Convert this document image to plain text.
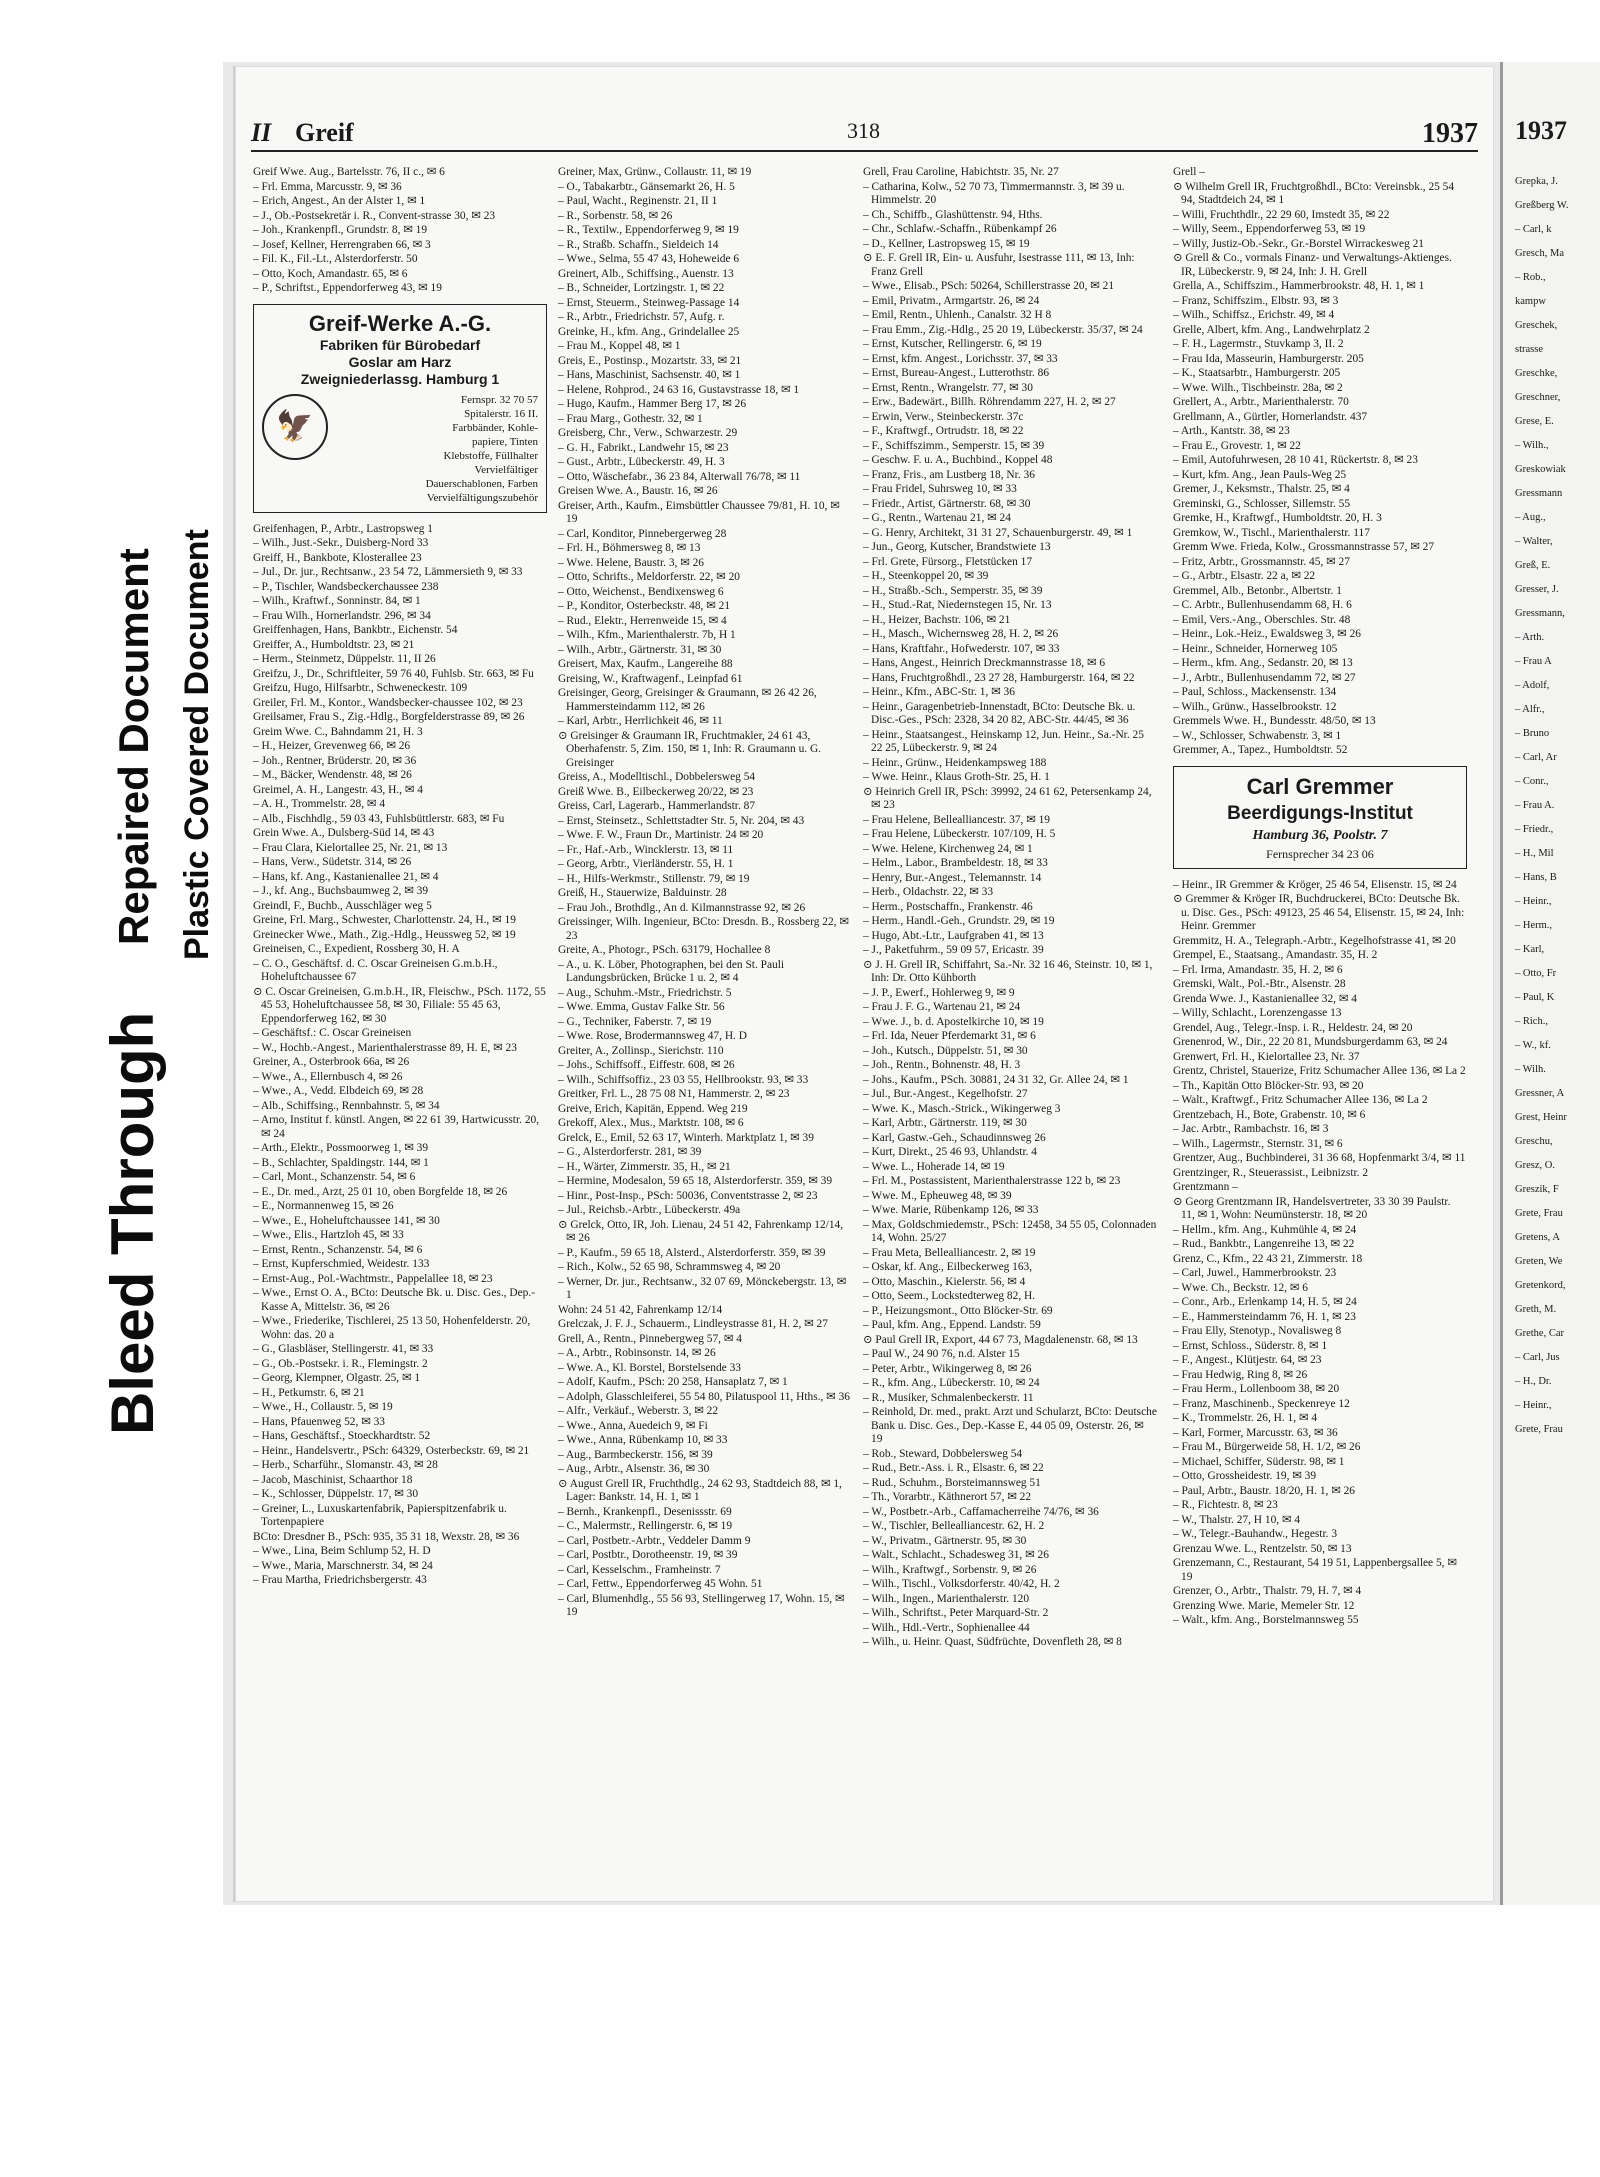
Bleed Through
Repaired Document Plastic Covered Document
II Greif	318	1937

Greif Wwe. Aug., Bartelsstr. 76, II c., ✉ 6

– Frl. Emma, Marcusstr. 9, ✉ 36

– Erich, Angest., An der Alster 1, ✉ 1

– J., Ob.-Postsekretär i. R., Convent-strasse 30, ✉ 23

– Joh., Krankenpfl., Grundstr. 8, ✉ 19

– Josef, Kellner, Herrengraben 66, ✉ 3

– Fil. K., Fil.-Lt., Alsterdorferstr. 50

– Otto, Koch, Amandastr. 65, ✉ 6

– P., Schriftst., Eppendorferweg 43, ✉ 19

Greif-Werke A.-G.
Fabriken für Bürobedarf
Goslar am Harz
Zweigniederlassg. Hamburg 1
🦅

Fernspr. 32 70 57

Spitalerstr. 16 II.

Farbbänder, Kohle-

papiere, Tinten

Klebstoffe, Füllhalter

Vervielfältiger

Dauerschablonen, Farben

Vervielfältigungszubehör

Greifenhagen, P., Arbtr., Lastropsweg 1

– Wilh., Just.-Sekr., Duisberg-Nord 33

Greiff, H., Bankbote, Klosterallee 23

– Jul., Dr. jur., Rechtsanw., 23 54 72, Lämmersieth 9, ✉ 33

– P., Tischler, Wandsbeckerchaussee 238

– Wilh., Kraftwf., Sonninstr. 84, ✉ 1

– Frau Wilh., Hornerlandstr. 296, ✉ 34

Greiffenhagen, Hans, Bankbtr., Eichenstr. 54

Greiffer, A., Humboldtstr. 23, ✉ 21

– Herm., Steinmetz, Düppelstr. 11, II 26

Greifzu, J., Dr., Schriftleiter, 59 76 40, Fuhlsb. Str. 663, ✉ Fu

Greifzu, Hugo, Hilfsarbtr., Schweneckestr. 109

Greiler, Frl. M., Kontor., Wandsbecker-chaussee 102, ✉ 23

Greilsamer, Frau S., Zig.-Hdlg., Borgfelderstrasse 89, ✉ 26

Greim Wwe. C., Bahndamm 21, H. 3

– H., Heizer, Grevenweg 66, ✉ 26

– Joh., Rentner, Brüderstr. 20, ✉ 36

– M., Bäcker, Wendenstr. 48, ✉ 26

Greimel, A. H., Langestr. 43, H., ✉ 4

– A. H., Trommelstr. 28, ✉ 4

– Alb., Fischhdlg., 59 03 43, Fuhlsbüttlerstr. 683, ✉ Fu

Grein Wwe. A., Dulsberg-Süd 14, ✉ 43

– Frau Clara, Kielortallee 25, Nr. 21, ✉ 13

– Hans, Verw., Südetstr. 314, ✉ 26

– Hans, kf. Ang., Kastanienallee 21, ✉ 4

– J., kf. Ang., Buchsbaumweg 2, ✉ 39

Greindl, F., Buchb., Ausschläger weg 5

Greine, Frl. Marg., Schwester, Charlottenstr. 24, H., ✉ 19

Greinecker Wwe., Math., Zig.-Hdlg., Heussweg 52, ✉ 19

Greineisen, C., Expedient, Rossberg 30, H. A

– C. O., Geschäftsf. d. C. Oscar Greineisen G.m.b.H., Hoheluftchaussee 67

⊙ C. Oscar Greineisen, G.m.b.H., IR, Fleischw., PSch. 1172, 55 45 53, Hoheluftchaussee 58, ✉ 30, Filiale: 55 45 63, Eppendorferweg 162, ✉ 30

– Geschäftsf.: C. Oscar Greineisen

– W., Hochb.-Angest., Marienthalerstrasse 89, H. E, ✉ 23

Greiner, A., Osterbrook 66a, ✉ 26

– Wwe., A., Ellernbusch 4, ✉ 26

– Wwe., A., Vedd. Elbdeich 69, ✉ 28

– Alb., Schiffsing., Rennbahnstr. 5, ✉ 34

– Arno, Institut f. künstl. Angen, ✉ 22 61 39, Hartwicusstr. 20, ✉ 24

– Arth., Elektr., Possmoorweg 1, ✉ 39

– B., Schlachter, Spaldingstr. 144, ✉ 1

– Carl, Mont., Schanzenstr. 54, ✉ 6

– E., Dr. med., Arzt, 25 01 10, oben Borgfelde 18, ✉ 26

– E., Normannenweg 15, ✉ 26

– Wwe., E., Hoheluftchaussee 141, ✉ 30

– Wwe., Elis., Hartzloh 45, ✉ 33

– Ernst, Rentn., Schanzenstr. 54, ✉ 6

– Ernst, Kupferschmied, Weidestr. 133

– Ernst-Aug., Pol.-Wachtmstr., Pappelallee 18, ✉ 23

– Wwe., Ernst O. A., BCto: Deutsche Bk. u. Disc. Ges., Dep.-Kasse A, Mittelstr. 36, ✉ 26

– Wwe., Friederike, Tischlerei, 25 13 50, Hohenfelderstr. 20, Wohn: das. 20 a

– G., Glasbläser, Stellingerstr. 41, ✉ 33

– G., Ob.-Postsekr. i. R., Flemingstr. 2

– Georg, Klempner, Olgastr. 25, ✉ 1

– H., Petkumstr. 6, ✉ 21

– Wwe., H., Collaustr. 5, ✉ 19

– Hans, Pfauenweg 52, ✉ 33

– Hans, Geschäftsf., Stoeckhardtstr. 52

– Heinr., Handelsvertr., PSch: 64329, Osterbeckstr. 69, ✉ 21

– Herb., Scharführ., Slomanstr. 43, ✉ 28

– Jacob, Maschinist, Schaarthor 18

– K., Schlosser, Düppelstr. 17, ✉ 30

– Greiner, L., Luxuskartenfabrik, Papierspitzenfabrik u. Tortenpapiere

BCto: Dresdner B., PSch: 935, 35 31 18, Wexstr. 28, ✉ 36

– Wwe., Lina, Beim Schlump 52, H. D

– Wwe., Maria, Marschnerstr. 34, ✉ 24

– Frau Martha, Friedrichsbergerstr. 43

Greiner, Max, Grünw., Collaustr. 11, ✉ 19

– O., Tabakarbtr., Gänsemarkt 26, H. 5

– Paul, Wacht., Reginenstr. 21, II 1

– R., Sorbenstr. 58, ✉ 26

– R., Textilw., Eppendorferweg 9, ✉ 19

– R., Straßb. Schaffn., Sieldeich 14

– Wwe., Selma, 55 47 43, Hoheweide 6

Greinert, Alb., Schiffsing., Auenstr. 13

– B., Schneider, Lortzingstr. 1, ✉ 22

– Ernst, Steuerm., Steinweg-Passage 14

– R., Arbtr., Friedrichstr. 57, Aufg. r.

Greinke, H., kfm. Ang., Grindelallee 25

– Frau M., Koppel 48, ✉ 1

Greis, E., Postinsp., Mozartstr. 33, ✉ 21

– Hans, Maschinist, Sachsenstr. 40, ✉ 1

– Helene, Rohprod., 24 63 16, Gustavstrasse 18, ✉ 1

– Hugo, Kaufm., Hammer Berg 17, ✉ 26

– Frau Marg., Gothestr. 32, ✉ 1

Greisberg, Chr., Verw., Schwarzestr. 29

– G. H., Fabrikt., Landwehr 15, ✉ 23

– Gust., Arbtr., Lübeckerstr. 49, H. 3

– Otto, Wäschefabr., 36 23 84, Alterwall 76/78, ✉ 11

Greisen Wwe. A., Baustr. 16, ✉ 26

Greiser, Arth., Kaufm., Eimsbüttler Chaussee 79/81, H. 10, ✉ 19

– Carl, Konditor, Pinnebergerweg 28

– Frl. H., Böhmersweg 8, ✉ 13

– Wwe. Helene, Baustr. 3, ✉ 26

– Otto, Schrifts., Meldorferstr. 22, ✉ 20

– Otto, Weichenst., Bendixensweg 6

– P., Konditor, Osterbeckstr. 48, ✉ 21

– Rud., Elektr., Herrenweide 15, ✉ 4

– Wilh., Kfm., Marienthalerstr. 7b, H 1

– Wilh., Arbtr., Gärtnerstr. 31, ✉ 30

Greisert, Max, Kaufm., Langereihe 88

Greising, W., Kraftwagenf., Leinpfad 61

Greisinger, Georg, Greisinger & Graumann, ✉ 26 42 26, Hammersteindamm 112, ✉ 26

– Karl, Arbtr., Herrlichkeit 46, ✉ 11

⊙ Greisinger & Graumann IR, Fruchtmakler, 24 61 43, Oberhafenstr. 5, Zim. 150, ✉ 1, Inh: R. Graumann u. G. Greisinger

Greiss, A., Modelltischl., Dobbelersweg 54

Greiß Wwe. B., Eilbeckerweg 20/22, ✉ 23

Greiss, Carl, Lagerarb., Hammerlandstr. 87

– Ernst, Steinsetz., Schlettstadter Str. 5, Nr. 204, ✉ 43

– Wwe. F. W., Fraun Dr., Martinistr. 24 ✉ 20

– Fr., Haf.-Arb., Wincklerstr. 13, ✉ 11

– Georg, Arbtr., Vierländerstr. 55, H. 1

– H., Hilfs-Werkmstr., Stillenstr. 79, ✉ 19

Greiß, H., Stauerwize, Balduinstr. 28

– Frau Joh., Brothdlg., An d. Kilmannstrasse 92, ✉ 26

Greissinger, Wilh. Ingenieur, BCto: Dresdn. B., Rossberg 22, ✉ 23

Greite, A., Photogr., PSch. 63179, Hochallee 8

– A., u. K. Löber, Photographen, bei den St. Pauli Landungsbrücken, Brücke 1 u. 2, ✉ 4

– Aug., Schuhm.-Mstr., Friedrichstr. 5

– Wwe. Emma, Gustav Falke Str. 56

– G., Techniker, Faberstr. 7, ✉ 19

– Wwe. Rose, Brodermannsweg 47, H. D

Greiter, A., Zollinsp., Sierichstr. 110

– Johs., Schiffsoff., Eiffestr. 608, ✉ 26

– Wilh., Schiffsoffiz., 23 03 55, Hellbrookstr. 93, ✉ 33

Greitker, Frl. L., 28 75 08 N1, Hammerstr. 2, ✉ 23

Greive, Erich, Kapitän, Eppend. Weg 219

Grekoff, Alex., Mus., Marktstr. 108, ✉ 6

Grelck, E., Emil, 52 63 17, Winterh. Marktplatz 1, ✉ 39

– G., Alsterdorferstr. 281, ✉ 39

– H., Wärter, Zimmerstr. 35, H., ✉ 21

– Hermine, Modesalon, 59 65 18, Alsterdorferstr. 359, ✉ 39

– Hinr., Post-Insp., PSch: 50036, Conventstrasse 2, ✉ 23

– Jul., Reichsb.-Arbtr., Lübeckerstr. 49a

⊙ Grelck, Otto, IR, Joh. Lienau, 24 51 42, Fahrenkamp 12/14, ✉ 26

– P., Kaufm., 59 65 18, Alsterd., Alsterdorferstr. 359, ✉ 39

– Rich., Kolw., 52 65 98, Schrammsweg 4, ✉ 20

– Werner, Dr. jur., Rechtsanw., 32 07 69, Mönckebergstr. 13, ✉ 1

Wohn: 24 51 42, Fahrenkamp 12/14

Grelczak, J. F. J., Schauerm., Lindleystrasse 81, H. 2, ✉ 27

Grell, A., Rentn., Pinnebergweg 57, ✉ 4

– A., Arbtr., Robinsonstr. 14, ✉ 26

– Wwe. A., Kl. Borstel, Borstelsende 33

– Adolf, Kaufm., PSch: 20 258, Hansaplatz 7, ✉ 1

– Adolph, Glasschleiferei, 55 54 80, Pilatuspool 11, Hths., ✉ 36

– Alfr., Verkäuf., Weberstr. 3, ✉ 22

– Wwe., Anna, Auedeich 9, ✉ Fi

– Wwe., Anna, Rübenkamp 10, ✉ 33

– Aug., Barmbeckerstr. 156, ✉ 39

– Aug., Arbtr., Alsenstr. 36, ✉ 30

⊙ August Grell IR, Fruchthdlg., 24 62 93, Stadtdeich 88, ✉ 1, Lager: Bankstr. 14, H. 1, ✉ 1

– Bernh., Krankenpfl., Desenissstr. 69

– C., Malermstr., Rellingerstr. 6, ✉ 19

– Carl, Postbetr.-Arbtr., Veddeler Damm 9

– Carl, Postbtr., Dorotheenstr. 19, ✉ 39

– Carl, Kesselschm., Framheinstr. 7

– Carl, Fettw., Eppendorferweg 45 Wohn. 51

– Carl, Blumenhdlg., 55 56 93, Stellingerweg 17, Wohn. 15, ✉ 19

Grell, Frau Caroline, Habichtstr. 35, Nr. 27

– Catharina, Kolw., 52 70 73, Timmermannstr. 3, ✉ 39 u. Himmelstr. 20

– Ch., Schiffb., Glashüttenstr. 94, Hths.

– Chr., Schlafw.-Schaffn., Rübenkampf 26

– D., Kellner, Lastropsweg 15, ✉ 19

⊙ E. F. Grell IR, Ein- u. Ausfuhr, Isestrasse 111, ✉ 13, Inh: Franz Grell

– Wwe., Elisab., PSch: 50264, Schillerstrasse 20, ✉ 21

– Emil, Privatm., Armgartstr. 26, ✉ 24

– Emil, Rentn., Uhlenh., Canalstr. 32 H 8

– Frau Emm., Zig.-Hdlg., 25 20 19, Lübeckerstr. 35/37, ✉ 24

– Ernst, Kutscher, Rellingerstr. 6, ✉ 19

– Ernst, kfm. Angest., Lorichsstr. 37, ✉ 33

– Ernst, Bureau-Angest., Lutterothstr. 86

– Ernst, Rentn., Wrangelstr. 77, ✉ 30

– Erw., Badewärt., Billh. Röhrendamm 227, H. 2, ✉ 27

– Erwin, Verw., Steinbeckerstr. 37c

– F., Kraftwgf., Ortrudstr. 18, ✉ 22

– F., Schiffszimm., Semperstr. 15, ✉ 39

– Geschw. F. u. A., Buchbind., Koppel 48

– Franz, Fris., am Lustberg 18, Nr. 36

– Frau Fridel, Suhrsweg 10, ✉ 33

– Friedr., Artist, Gärtnerstr. 68, ✉ 30

– G., Rentn., Wartenau 21, ✉ 24

– G. Henry, Architekt, 31 31 27, Schauenburgerstr. 49, ✉ 1

– Jun., Georg, Kutscher, Brandstwiete 13

– Frl. Grete, Fürsorg., Fletstücken 17

– H., Steenkoppel 20, ✉ 39

– H., Straßb.-Sch., Semperstr. 35, ✉ 39

– H., Stud.-Rat, Niedernstegen 15, Nr. 13

– H., Heizer, Bachstr. 106, ✉ 21

– H., Masch., Wichernsweg 28, H. 2, ✉ 26

– Hans, Kraftfahr., Hofwederstr. 107, ✉ 33

– Hans, Angest., Heinrich Dreckmannstrasse 18, ✉ 6

– Hans, Fruchtgroßhdl., 23 27 28, Hamburgerstr. 164, ✉ 22

– Heinr., Kfm., ABC-Str. 1, ✉ 36

– Heinr., Garagenbetrieb-Innenstadt, BCto: Deutsche Bk. u. Disc.-Ges., PSch: 2328, 34 20 82, ABC-Str. 44/45, ✉ 36

– Heinr., Staatsangest., Heinskamp 12, Jun. Heinr., Sa.-Nr. 25 22 25, Lübeckerstr. 9, ✉ 24

– Heinr., Grünw., Heidenkampsweg 188

– Wwe. Heinr., Klaus Groth-Str. 25, H. 1

⊙ Heinrich Grell IR, PSch: 39992, 24 61 62, Petersenkamp 24, ✉ 23

– Frau Helene, Bellealliancestr. 37, ✉ 19

– Frau Helene, Lübeckerstr. 107/109, H. 5

– Wwe. Helene, Kirchenweg 24, ✉ 1

– Helm., Labor., Brambeldestr. 18, ✉ 33

– Henry, Bur.-Angest., Telemannstr. 14

– Herb., Oldachstr. 22, ✉ 33

– Herm., Postschaffn., Frankenstr. 46

– Herm., Handl.-Geh., Grundstr. 29, ✉ 19

– Hugo, Abt.-Ltr., Laufgraben 41, ✉ 13

– J., Paketfuhrm., 59 09 57, Ericastr. 39

⊙ J. H. Grell IR, Schiffahrt, Sa.-Nr. 32 16 46, Steinstr. 10, ✉ 1, Inh: Dr. Otto Kühborth

– J. P., Ewerf., Hohlerweg 9, ✉ 9

– Frau J. F. G., Wartenau 21, ✉ 24

– Wwe. J., b. d. Apostelkirche 10, ✉ 19

– Frl. Ida, Neuer Pferdemarkt 31, ✉ 6

– Joh., Kutsch., Düppelstr. 51, ✉ 30

– Joh., Rentn., Bohnenstr. 48, H. 3

– Johs., Kaufm., PSch. 30881, 24 31 32, Gr. Allee 24, ✉ 1

– Jul., Bur.-Angest., Kegelhofstr. 27

– Wwe. K., Masch.-Strick., Wikingerweg 3

– Karl, Arbtr., Gärtnerstr. 119, ✉ 30

– Karl, Gastw.-Geh., Schaudinnsweg 26

– Kurt, Direkt., 25 46 93, Uhlandstr. 4

– Wwe. L., Hoherade 14, ✉ 19

– Frl. M., Postassistent, Marienthalerstrasse 122 b, ✉ 23

– Wwe. M., Epheuweg 48, ✉ 39

– Wwe. Marie, Rübenkamp 126, ✉ 33

– Max, Goldschmiedemstr., PSch: 12458, 34 55 05, Colonnaden 14, Wohn. 25/27

– Frau Meta, Bellealliancestr. 2, ✉ 19

– Oskar, kf. Ang., Eilbeckerweg 163,

– Otto, Maschin., Kielerstr. 56, ✉ 4

– Otto, Seem., Lockstedterweg 82, H.

– P., Heizungsmont., Otto Blöcker-Str. 69

– Paul, kfm. Ang., Eppend. Landstr. 59

⊙ Paul Grell IR, Export, 44 67 73, Magdalenenstr. 68, ✉ 13

– Paul W., 24 90 76, n.d. Alster 15

– Peter, Arbtr., Wikingerweg 8, ✉ 26

– R., kfm. Ang., Lübeckerstr. 10, ✉ 24

– R., Musiker, Schmalenbeckerstr. 11

– Reinhold, Dr. med., prakt. Arzt und Schularzt, BCto: Deutsche Bank u. Disc. Ges., Dep.-Kasse E, 44 05 09, Osterstr. 26, ✉ 19

– Rob., Steward, Dobbelersweg 54

– Rud., Betr.-Ass. i. R., Elsastr. 6, ✉ 22

– Rud., Schuhm., Borsteimannsweg 51

– Th., Vorarbtr., Käthnerort 57, ✉ 22

– W., Postbetr.-Arb., Caffamacherreihe 74/76, ✉ 36

– W., Tischler, Bellealliancestr. 62, H. 2

– W., Privatm., Gärtnerstr. 95, ✉ 30

– Walt., Schlacht., Schadesweg 31, ✉ 26

– Wilh., Kraftwgf., Sorbenstr. 9, ✉ 26

– Wilh., Tischl., Volksdorferstr. 40/42, H. 2

– Wilh., Ingen., Marienthalerstr. 120

– Wilh., Schriftst., Peter Marquard-Str. 2

– Wilh., Hdl.-Vertr., Sophienallee 44

– Wilh., u. Heinr. Quast, Südfrüchte, Dovenfleth 28, ✉ 8

Grell –

⊙ Wilhelm Grell IR, Fruchtgroßhdl., BCto: Vereinsbk., 25 54 94, Stadtdeich 24, ✉ 1

– Willi, Fruchthdlr., 22 29 60, Imstedt 35, ✉ 22

– Willy, Seem., Eppendorferweg 53, ✉ 19

– Willy, Justiz-Ob.-Sekr., Gr.-Borstel Wirrackesweg 21

⊙ Grell & Co., vormals Finanz- und Verwaltungs-Aktienges. IR, Lübeckerstr. 9, ✉ 24, Inh: J. H. Grell

Grella, A., Schiffszim., Hammerbrookstr. 48, H. 1, ✉ 1

– Franz, Schiffszim., Elbstr. 93, ✉ 3

– Wilh., Schiffsz., Erichstr. 49, ✉ 4

Grelle, Albert, kfm. Ang., Landwehrplatz 2

– F. H., Lagermstr., Stuvkamp 3, II. 2

– Frau Ida, Masseurin, Hamburgerstr. 205

– K., Staatsarbtr., Hamburgerstr. 205

– Wwe. Wilh., Tischbeinstr. 28a, ✉ 2

Grellert, A., Arbtr., Marienthalerstr. 70

Grellmann, A., Gürtler, Hornerlandstr. 437

– Arth., Kantstr. 38, ✉ 23

– Frau E., Grovestr. 1, ✉ 22

– Emil, Autofuhrwesen, 28 10 41, Rückertstr. 8, ✉ 23

– Kurt, kfm. Ang., Jean Pauls-Weg 25

Gremer, J., Keksmstr., Thalstr. 25, ✉ 4

Greminski, G., Schlosser, Sillemstr. 55

Gremke, H., Kraftwgf., Humboldtstr. 20, H. 3

Gremkow, W., Tischl., Marienthalerstr. 117

Gremm Wwe. Frieda, Kolw., Grossmannstrasse 57, ✉ 27

– Fritz, Arbtr., Grossmannstr. 45, ✉ 27

– G., Arbtr., Elsastr. 22 a, ✉ 22

Gremmel, Alb., Betonbr., Albertstr. 1

– C. Arbtr., Bullenhusendamm 68, H. 6

– Emil, Vers.-Ang., Oberschles. Str. 48

– Heinr., Lok.-Heiz., Ewaldsweg 3, ✉ 26

– Heinr., Schneider, Hornerweg 105

– Herm., kfm. Ang., Sedanstr. 20, ✉ 13

– J., Arbtr., Bullenhusendamm 72, ✉ 27

– Paul, Schloss., Mackensenstr. 134

– Wilh., Grünw., Hasselbrookstr. 12

Gremmels Wwe. H., Bundesstr. 48/50, ✉ 13

– W., Schlosser, Schwabenstr. 3, ✉ 1

Gremmer, A., Tapez., Humboldtstr. 52

Carl Gremmer
Beerdigungs-Institut
Hamburg 36, Poolstr. 7
Fernsprecher 34 23 06

– Heinr., IR Gremmer & Kröger, 25 46 54, Elisenstr. 15, ✉ 24

⊙ Gremmer & Kröger IR, Buchdruckerei, BCto: Deutsche Bk. u. Disc. Ges., PSch: 49123, 25 46 54, Elisenstr. 15, ✉ 24, Inh: Heinr. Gremmer

Gremmitz, H. A., Telegraph.-Arbtr., Kegelhofstrasse 41, ✉ 20

Grempel, E., Staatsang., Amandastr. 35, H. 2

– Frl. Irma, Amandastr. 35, H. 2, ✉ 6

Gremski, Walt., Pol.-Btr., Alsenstr. 28

Grenda Wwe. J., Kastanienallee 32, ✉ 4

– Willy, Schlacht., Lorenzengasse 13

Grendel, Aug., Telegr.-Insp. i. R., Heldestr. 24, ✉ 20

Grenenrod, W., Dir., 22 20 81, Mundsburgerdamm 63, ✉ 24

Grenwert, Frl. H., Kielortallee 23, Nr. 37

Grentz, Christel, Stauerize, Fritz Schumacher Allee 136, ✉ La 2

– Th., Kapitän Otto Blöcker-Str. 93, ✉ 20

– Walt., Kraftwgf., Fritz Schumacher Allee 136, ✉ La 2

Grentzebach, H., Bote, Grabenstr. 10, ✉ 6

– Jac. Arbtr., Rambachstr. 16, ✉ 3

– Wilh., Lagermstr., Sternstr. 31, ✉ 6

Grentzer, Aug., Buchbinderei, 31 36 68, Hopfenmarkt 3/4, ✉ 11

Grentzinger, R., Steuerassist., Leibnizstr. 2

Grentzmann –

⊙ Georg Grentzmann IR, Handelsvertreter, 33 30 39 Paulstr. 11, ✉ 1, Wohn: Neumünsterstr. 18, ✉ 20

– Hellm., kfm. Ang., Kuhmühle 4, ✉ 24

– Rud., Bankbtr., Langenreihe 13, ✉ 22

Grenz, C., Kfm., 22 43 21, Zimmerstr. 18

– Carl, Juwel., Hammerbrookstr. 23

– Wwe. Ch., Beckstr. 12, ✉ 6

– Conr., Arb., Erlenkamp 14, H. 5, ✉ 24

– E., Hammersteindamm 76, H. 1, ✉ 23

– Frau Elly, Stenotyp., Novalisweg 8

– Ernst, Schloss., Süderstr. 8, ✉ 1

– F., Angest., Klütjestr. 64, ✉ 23

– Frau Hedwig, Ring 8, ✉ 26

– Frau Herm., Lollenboom 38, ✉ 20

– Franz, Maschinenb., Speckenreye 12

– K., Trommelstr. 26, H. 1, ✉ 4

– Karl, Former, Marcusstr. 63, ✉ 36

– Frau M., Bürgerweide 58, H. 1/2, ✉ 26

– Michael, Schiffer, Süderstr. 98, ✉ 1

– Otto, Grossheidestr. 19, ✉ 39

– Paul, Arbtr., Baustr. 18/20, H. 1, ✉ 26

– R., Fichtestr. 8, ✉ 23

– W., Thalstr. 27, H 10, ✉ 4

– W., Telegr.-Bauhandw., Hegestr. 3

Grenzau Wwe. L., Rentzelstr. 50, ✉ 13

Grenzemann, C., Restaurant, 54 19 51, Lappenbergsallee 5, ✉ 19

Grenzer, O., Arbtr., Thalstr. 79, H. 7, ✉ 4

Grenzing Wwe. Marie, Memeler Str. 12

– Walt., kfm. Ang., Borstelmannsweg 55

1937

Grepka, J.

Greßberg W.

– Carl, k

Gresch, Ma

– Rob.,

kampw

Greschek,

strasse

Greschke,

Greschner,

Grese, E.

– Wilh.,

Greskowiak

Gressmann

– Aug.,

– Walter,

Greß, E.

Gresser, J.

Gressmann,

– Arth.

– Frau A

– Adolf,

– Alfr.,

– Bruno

– Carl, Ar

– Conr.,

– Frau A.

– Friedr.,

– H., Mil

– Hans, B

– Heinr.,

– Herm.,

– Karl,

– Otto, Fr

– Paul, K

– Rich.,

– W., kf.

– Wilh.

Gressner, A

Grest, Heinr

Greschu,

Gresz, O.

Greszik, F

Grete, Frau

Gretens, A

Greten, We

Gretenkord,

Greth, M.

Grethe, Car

– Carl, Jus

– H., Dr.

– Heinr.,

Grete, Frau
